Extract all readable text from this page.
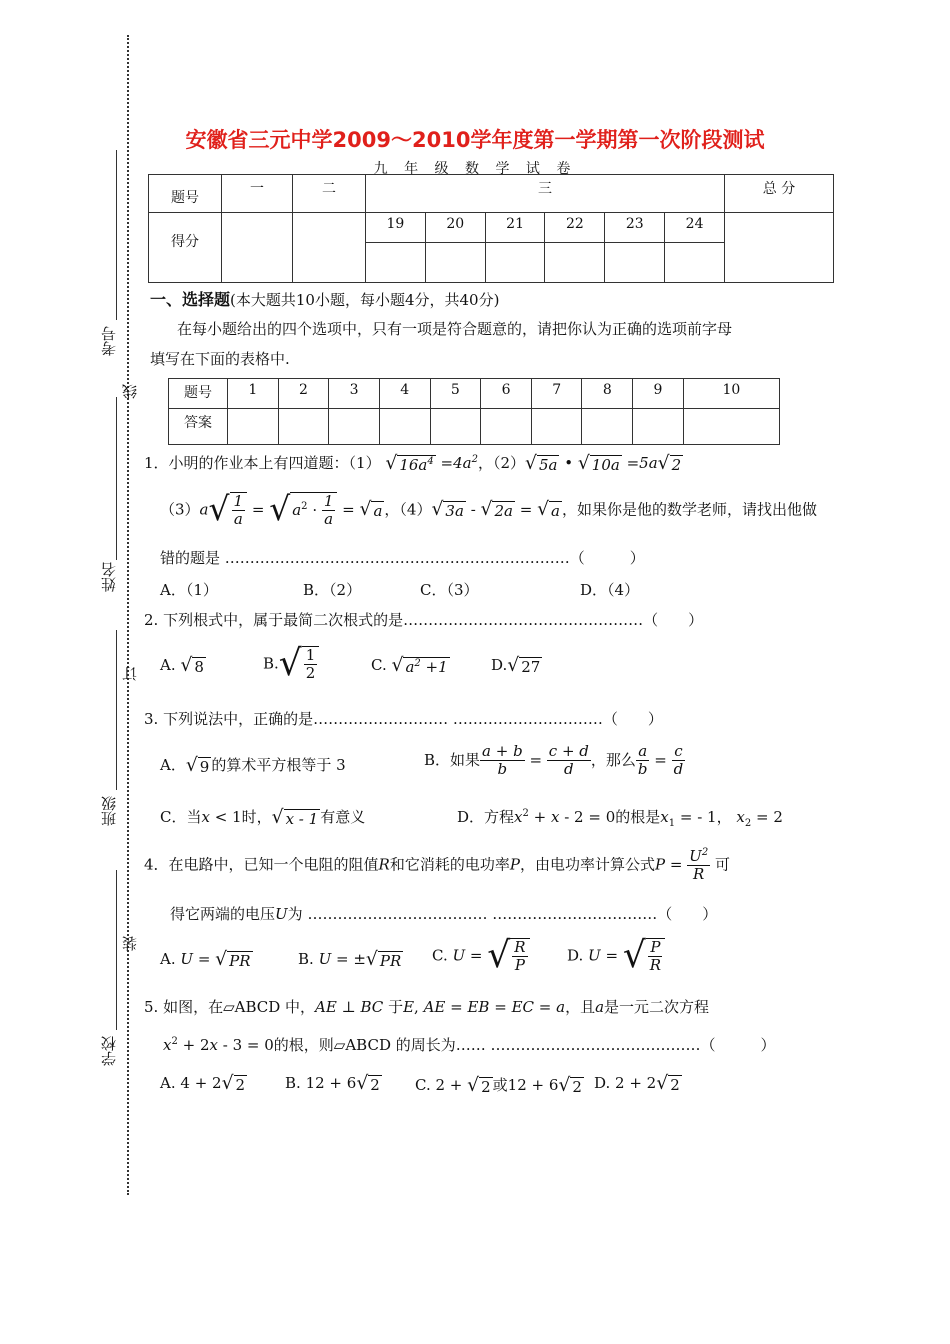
考号
线
姓名
订
班级
装
学校
安徽省三元中学2009～2010学年度第一学期第一次阶段测试
九 年 级 数 学 试 卷
题号	一	二	三						总 分
得分			19	20	21	22	23	24	

一、选择题(本大题共10小题，每小题4分，共40分)
在每小题给出的四个选项中，只有一项是符合题意的，请把你认为正确的选项前字母
填写在下面的表格中.
题号	1	2	3	4	5	6	7	8	9	10
答案										
1．小明的作业本上有四道题：（1） √ $16a^4 =4a^2$，（2） √ 5a • √ 10a =5a √ 2
（3）a √ $\frac{1}{a}$ = √ $a^2 \cdot \frac{1}{a}$ = √ a ，（4） √ 3a - √ 2a = √ a ，如果你是他的数学老师，请找出他做
错的题是 ……………………………………………………………（　　　）
A．（1）	B．（2）	C．（3）	D．（4）
2. 下列根式中，属于最简二次根式的是…………………………………………（　　）
A. √ 8	B. √ $\frac{1}{2}$	C. √ $a^2 +1$	D. √ 27
3. 下列说法中，正确的是……………………… …………………………（　　）
A． √ 9 的算术平方根等于 3	B．如果 $\frac{a + b}{b} = \frac{c + d}{d}$ ，那么 $\frac{a}{b} = \frac{c}{d}$
C．当x < 1时， √ x - 1 有意义	D．方程$x^2 + x - 2 = 0$的根是$x_1$ = - 1， $x_2 = 2$
4．在电路中，已知一个电阻的阻值R和它消耗的电功率P，由电功率计算公式$P = \frac{U^2}{R}$ 可
得它两端的电压U为 ……………………………… ……………………………（　　）
A. U = √ PR	B. U = ± √ PR C. U = √ $\frac{R}{P}$	D. U = √ $\frac{P}{R}$
5. 如图，在▱ABCD 中，AE ⊥ BC 于E, AE = EB = EC = a，且a是一元二次方程
$x^2 + 2x - 3 = 0$的根，则▱ABCD 的周长为…… ……………………………………（　　　）
A. 4 + 2 √ 2	B. 12 + 6 √ 2 C. 2 + √ 2 或12 + 6 √ 2 D. 2 + 2 √ 2
